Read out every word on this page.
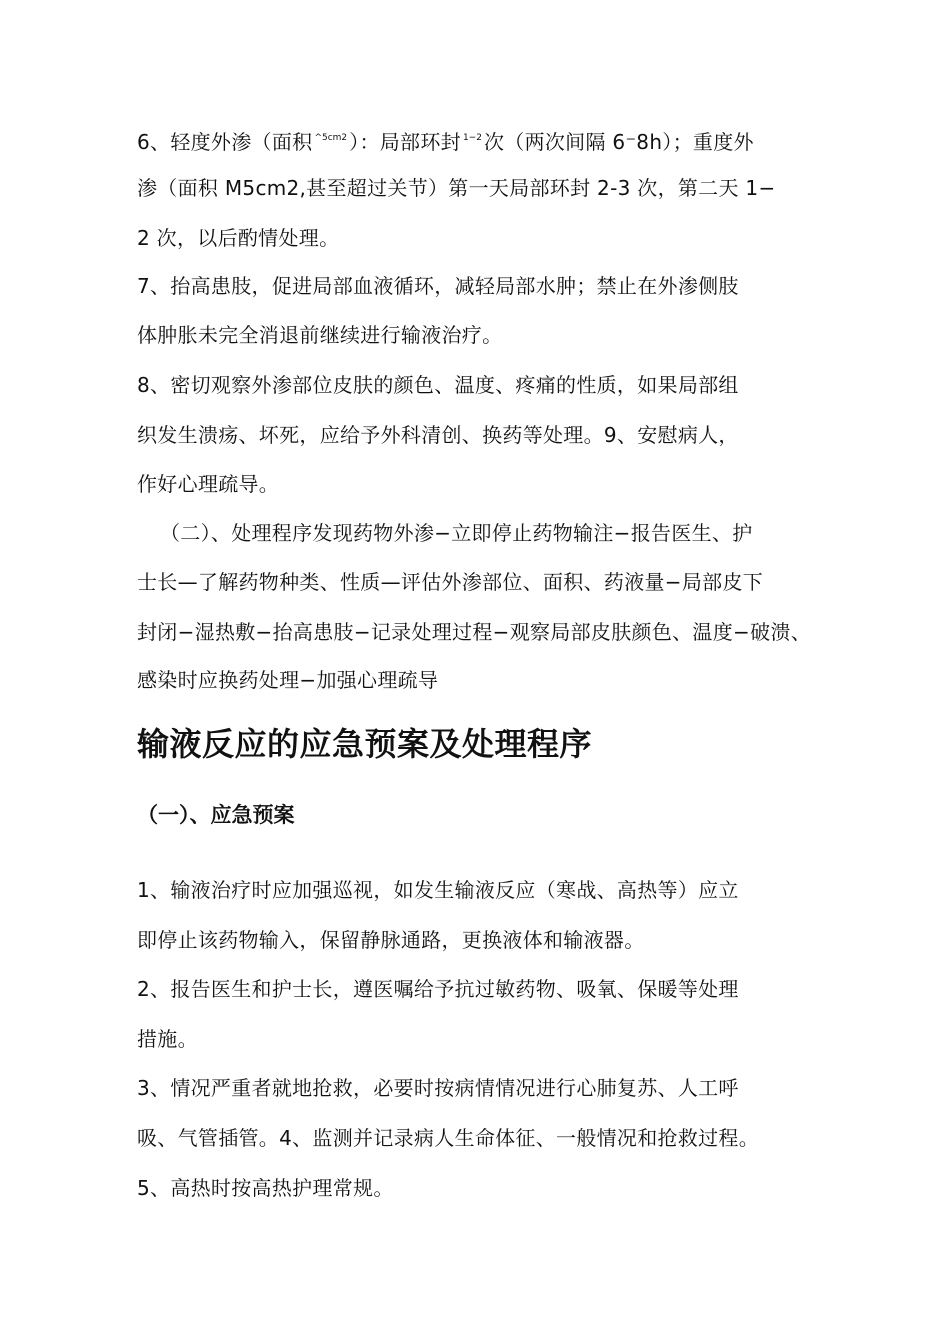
6、轻度外渗（面积 $^{\^{}5cm2}$ ）：局部环封 $^{1-2}$ 次（两次间隔 6⁻8h）；重度外
渗（面积 M5cm2,甚至超过关节）第一天局部环封 2-3 次，第二天 1−
2 次，以后酌情处理。
7、抬高患肢，促进局部血液循环，减轻局部水肿；禁止在外渗侧肢
体肿胀未完全消退前继续进行输液治疗。
8、密切观察外渗部位皮肤的颜色、温度、疼痛的性质，如果局部组
织发生溃疡、坏死，应给予外科清创、换药等处理。9、安慰病人，
作好心理疏导。
（二）、处理程序发现药物外渗−立即停止药物输注−报告医生、护
士长—了解药物种类、性质—评估外渗部位、面积、药液量−局部皮下
封闭−湿热敷−抬高患肢−记录处理过程−观察局部皮肤颜色、温度−破溃、
感染时应换药处理−加强心理疏导
输液反应的应急预案及处理程序
（一）、应急预案
1、输液治疗时应加强巡视，如发生输液反应（寒战、高热等）应立
即停止该药物输入，保留静脉通路，更换液体和输液器。
2、报告医生和护士长，遵医嘱给予抗过敏药物、吸氧、保暖等处理
措施。
3、情况严重者就地抢救，必要时按病情情况进行心肺复苏、人工呼
吸、气管插管。4、监测并记录病人生命体征、一般情况和抢救过程。
5、高热时按高热护理常规。
